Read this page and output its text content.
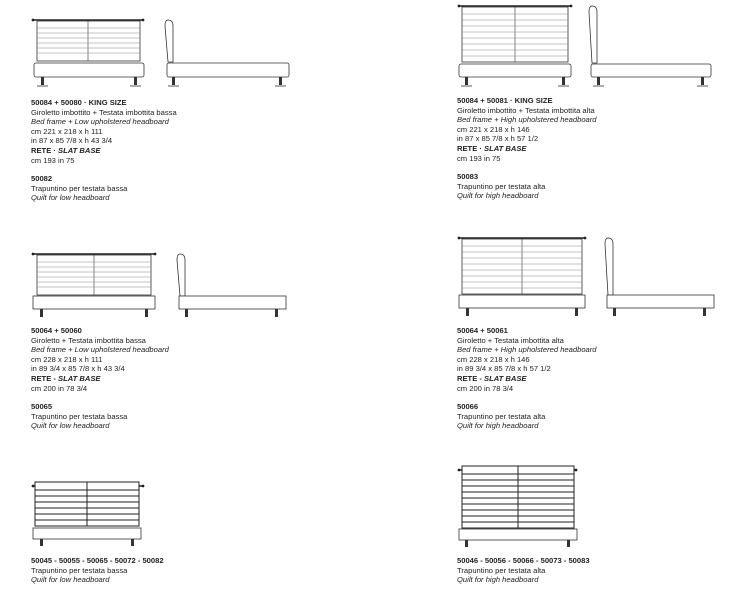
50084 + 50080 · KING SIZE
Giroletto imbottito + Testata imbottita bassa
Bed frame + Low upholstered headboard
cm 221 x 218 x h 111
in 87 x 85 7/8 x h 43 3/4
RETE · SLAT BASE
cm 193 in 75
50082
Trapuntino per testata bassa
Quilt for low headboard
50084 + 50081 · KING SIZE
Giroletto imbottito + Testata imbottita alta
Bed frame + High upholstered headboard
cm 221 x 218 x h 146
in 87 x 85 7/8 x h 57 1/2
RETE · SLAT BASE
cm 193 in 75
50083
Trapuntino per testata alta
Quilt for high headboard
50064 + 50060
Giroletto + Testata imbottita bassa
Bed frame + Low upholstered headboard
cm 228 x 218 x h 111
in 89 3/4 x 85 7/8 x h 43 3/4
RETE - SLAT BASE
cm 200 in 78 3/4
50065
Trapuntino per testata bassa
Quilt for low headboard
50064 + 50061
Giroletto + Testata imbottita alta
Bed frame + High upholstered headboard
cm 228 x 218 x h 146
in 89 3/4 x 85 7/8 x h 57 1/2
RETE - SLAT BASE
cm 200 in 78 3/4
50066
Trapuntino per testata alta
Quilt for high headboard
50045 - 50055 - 50065 - 50072 - 50082
Trapuntino per testata bassa
Quilt for low headboard
50046 - 50056 - 50066 - 50073 - 50083
Trapuntino per testata alta
Quilt for high headboard
